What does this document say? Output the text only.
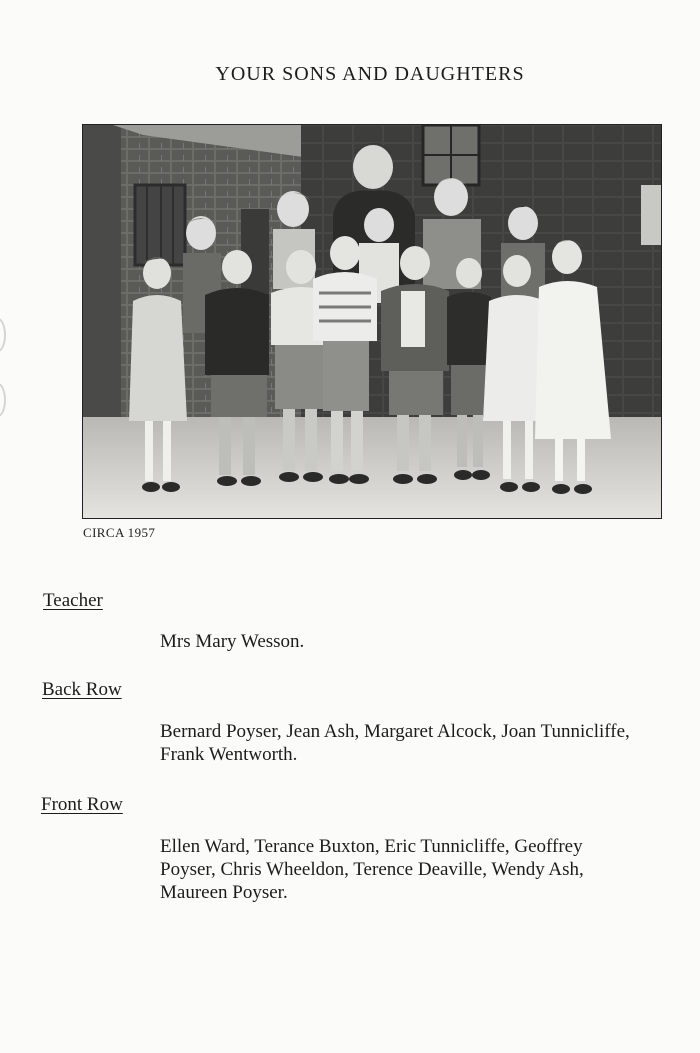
YOUR SONS AND DAUGHTERS
CIRCA 1957
Teacher
Mrs Mary Wesson.
Back Row
Bernard Poyser, Jean Ash, Margaret Alcock, Joan Tunnicliffe,
Frank Wentworth.
Front Row
Ellen Ward, Terance Buxton, Eric Tunnicliffe, Geoffrey
Poyser, Chris Wheeldon, Terence Deaville, Wendy Ash,
Maureen Poyser.
